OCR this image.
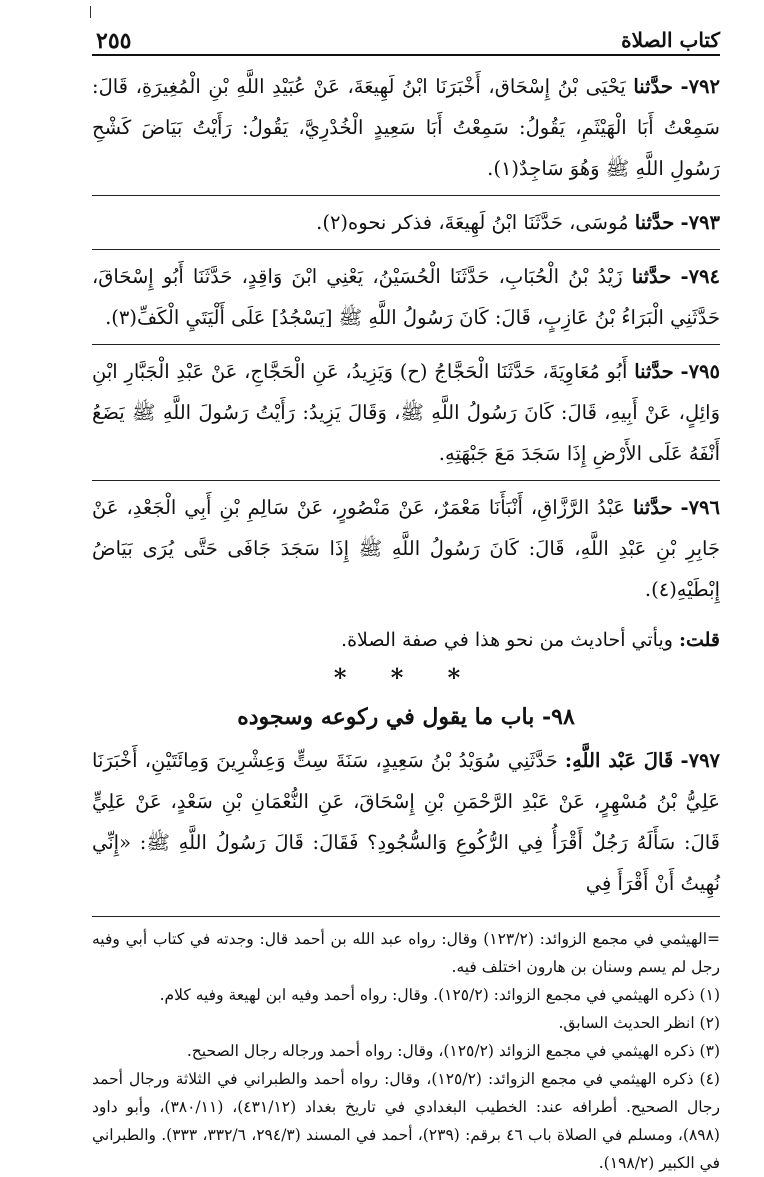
كتاب الصلاة
٢٥٥
٧٩٢- حدَّثنا يَحْيَى بْنُ إِسْحَاق، أَخْبَرَنَا ابْنُ لَهِيعَةَ، عَنْ عُبَيْدِ اللَّهِ بْنِ الْمُغِيرَةِ، قَالَ: سَمِعْتُ أَبَا الْهَيْثَمِ، يَقُولُ: سَمِعْتُ أَبَا سَعِيدٍ الْخُدْرِيَّ، يَقُولُ: رَأَيْتُ بَيَاضَ كَشْحِ رَسُولِ اللَّهِ ﷺ وَهُوَ سَاجِدٌ(١).
٧٩٣- حدَّثنا مُوسَى، حَدَّثَنَا ابْنُ لَهِيعَةَ، فذكر نحوه(٢).
٧٩٤- حدَّثنا زَيْدُ بْنُ الْحُبَابِ، حَدَّثَنَا الْحُسَيْنُ، يَعْنِي ابْنَ وَاقِدٍ، حَدَّثَنَا أَبُو إِسْحَاقَ، حَدَّثَنِي الْبَرَاءُ بْنُ عَازِبٍ، قَالَ: كَانَ رَسُولُ اللَّهِ ﷺ [يَسْجُدُ] عَلَى أَلْيَتَيِ الْكَفِّ(٣).
٧٩٥- حدَّثنا أَبُو مُعَاوِيَةَ، حَدَّثَنَا الْحَجَّاجُ (ح) وَيَزِيدُ، عَنِ الْحَجَّاجِ، عَنْ عَبْدِ الْجَبَّارِ ابْنِ وَائِلٍ، عَنْ أَبِيهِ، قَالَ: كَانَ رَسُولُ اللَّهِ ﷺ، وَقَالَ يَزِيدُ: رَأَيْتُ رَسُولَ اللَّهِ ﷺ يَضَعُ أَنْفَهُ عَلَى الأَرْضِ إِذَا سَجَدَ مَعَ جَبْهَتِهِ.
٧٩٦- حدَّثنا عَبْدُ الرَّزَّاقِ، أَنْبَأَنَا مَعْمَرٌ، عَنْ مَنْصُورٍ، عَنْ سَالِمِ بْنِ أَبِي الْجَعْدِ، عَنْ جَابِرِ بْنِ عَبْدِ اللَّهِ، قَالَ: كَانَ رَسُولُ اللَّهِ ﷺ إِذَا سَجَدَ جَافَى حَتَّى يُرَى بَيَاضُ إِبْطَيْهِ(٤).
قلت: ويأتي أحاديث من نحو هذا في صفة الصلاة.
* * *
٩٨- باب ما يقول في ركوعه وسجوده
٧٩٧- قَالَ عَبْد اللَّهِ: حَدَّثَنِي سُوَيْدُ بْنُ سَعِيدٍ، سَنَةَ سِتٍّ وَعِشْرِينَ وَمِائَتَيْنِ، أَخْبَرَنَا عَلِيُّ بْنُ مُسْهِرٍ، عَنْ عَبْدِ الرَّحْمَنِ بْنِ إِسْحَاقَ، عَنِ النُّعْمَانِ بْنِ سَعْدٍ، عَنْ عَلِيٍّ قَالَ: سَأَلَهُ رَجُلٌ أَقْرَأُ فِي الرُّكُوعِ وَالسُّجُودِ؟ فَقَالَ: قَالَ رَسُولُ اللَّهِ ﷺ: «إِنِّي نُهِيتُ أَنْ أَقْرَأَ فِي

=الهيثمي في مجمع الزوائد: (١٢٣/٢) وقال: رواه عبد الله بن أحمد قال: وجدته في كتاب أبي وفيه رجل لم يسم وسنان بن هارون اختلف فيه.

(١) ذكره الهيثمي في مجمع الزوائد: (١٢٥/٢). وقال: رواه أحمد وفيه ابن لهيعة وفيه كلام.

(٢) انظر الحديث السابق.

(٣) ذكره الهيثمي في مجمع الزوائد (١٢٥/٢)، وقال: رواه أحمد ورجاله رجال الصحيح.

(٤) ذكره الهيثمي في مجمع الزوائد: (١٢٥/٢)، وقال: رواه أحمد والطبراني في الثلاثة ورجال أحمد رجال الصحيح. أطرافه عند: الخطيب البغدادي في تاريخ بغداد (٤٣١/١٢)، (٣٨٠/١١)، وأبو داود (٨٩٨)، ومسلم في الصلاة باب ٤٦ برقم: (٢٣٩)، أحمد في المسند (٢٩٤/٣، ٣٣٢/٦، ٣٣٣). والطبراني في الكبير (١٩٨/٢).
